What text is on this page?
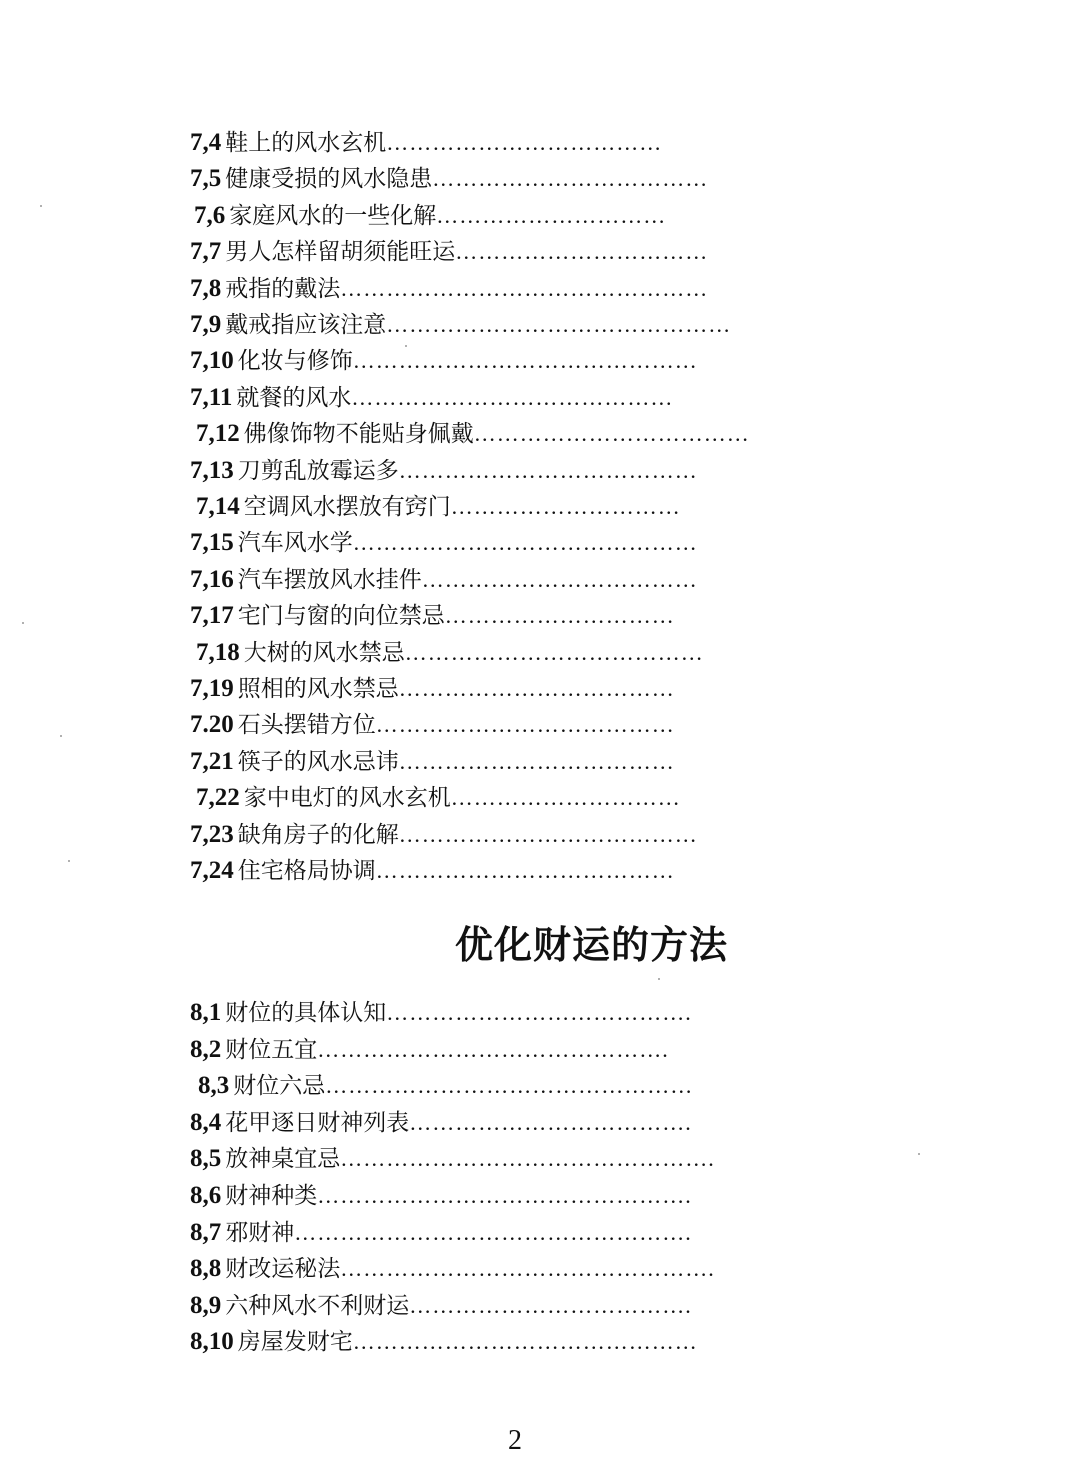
7,4 鞋上的风水玄机………………………………
7,5 健康受损的风水隐患………………………………
7,6 家庭风水的一些化解…………………………
7,7 男人怎样留胡须能旺运……………………………
7,8 戒指的戴法…………………………………………
7,9 戴戒指应该注意………………………………………
7,10 化妆与修饰………………………………………
7,11 就餐的风水……………………………………
7,12 佛像饰物不能贴身佩戴………………………………
7,13 刀剪乱放霉运多…………………………………
7,14 空调风水摆放有窍门…………………………
7,15 汽车风水学………………………………………
7,16 汽车摆放风水挂件………………………………
7,17 宅门与窗的向位禁忌…………………………
7,18 大树的风水禁忌…………………………………
7,19 照相的风水禁忌………………………………
7.20 石头摆错方位…………………………………
7,21 筷子的风水忌讳………………………………
7,22 家中电灯的风水玄机…………………………
7,23 缺角房子的化解…………………………………
7,24 住宅格局协调…………………………………
优化财运的方法
8,1 财位的具体认知………………………………….
8,2 财位五宜……………………………………….
8,3 财位六忌…………………………………………
8,4 花甲逐日财神列表……………………………….
8,5 放神桌宜忌………………………………………….
8,6 财神种类………………………………………….
8,7 邪财神…………………………………………….
8,8 财改运秘法………………………………………….
8,9 六种风水不利财运……………………………….
8,10 房屋发财宅………………………………………
2
